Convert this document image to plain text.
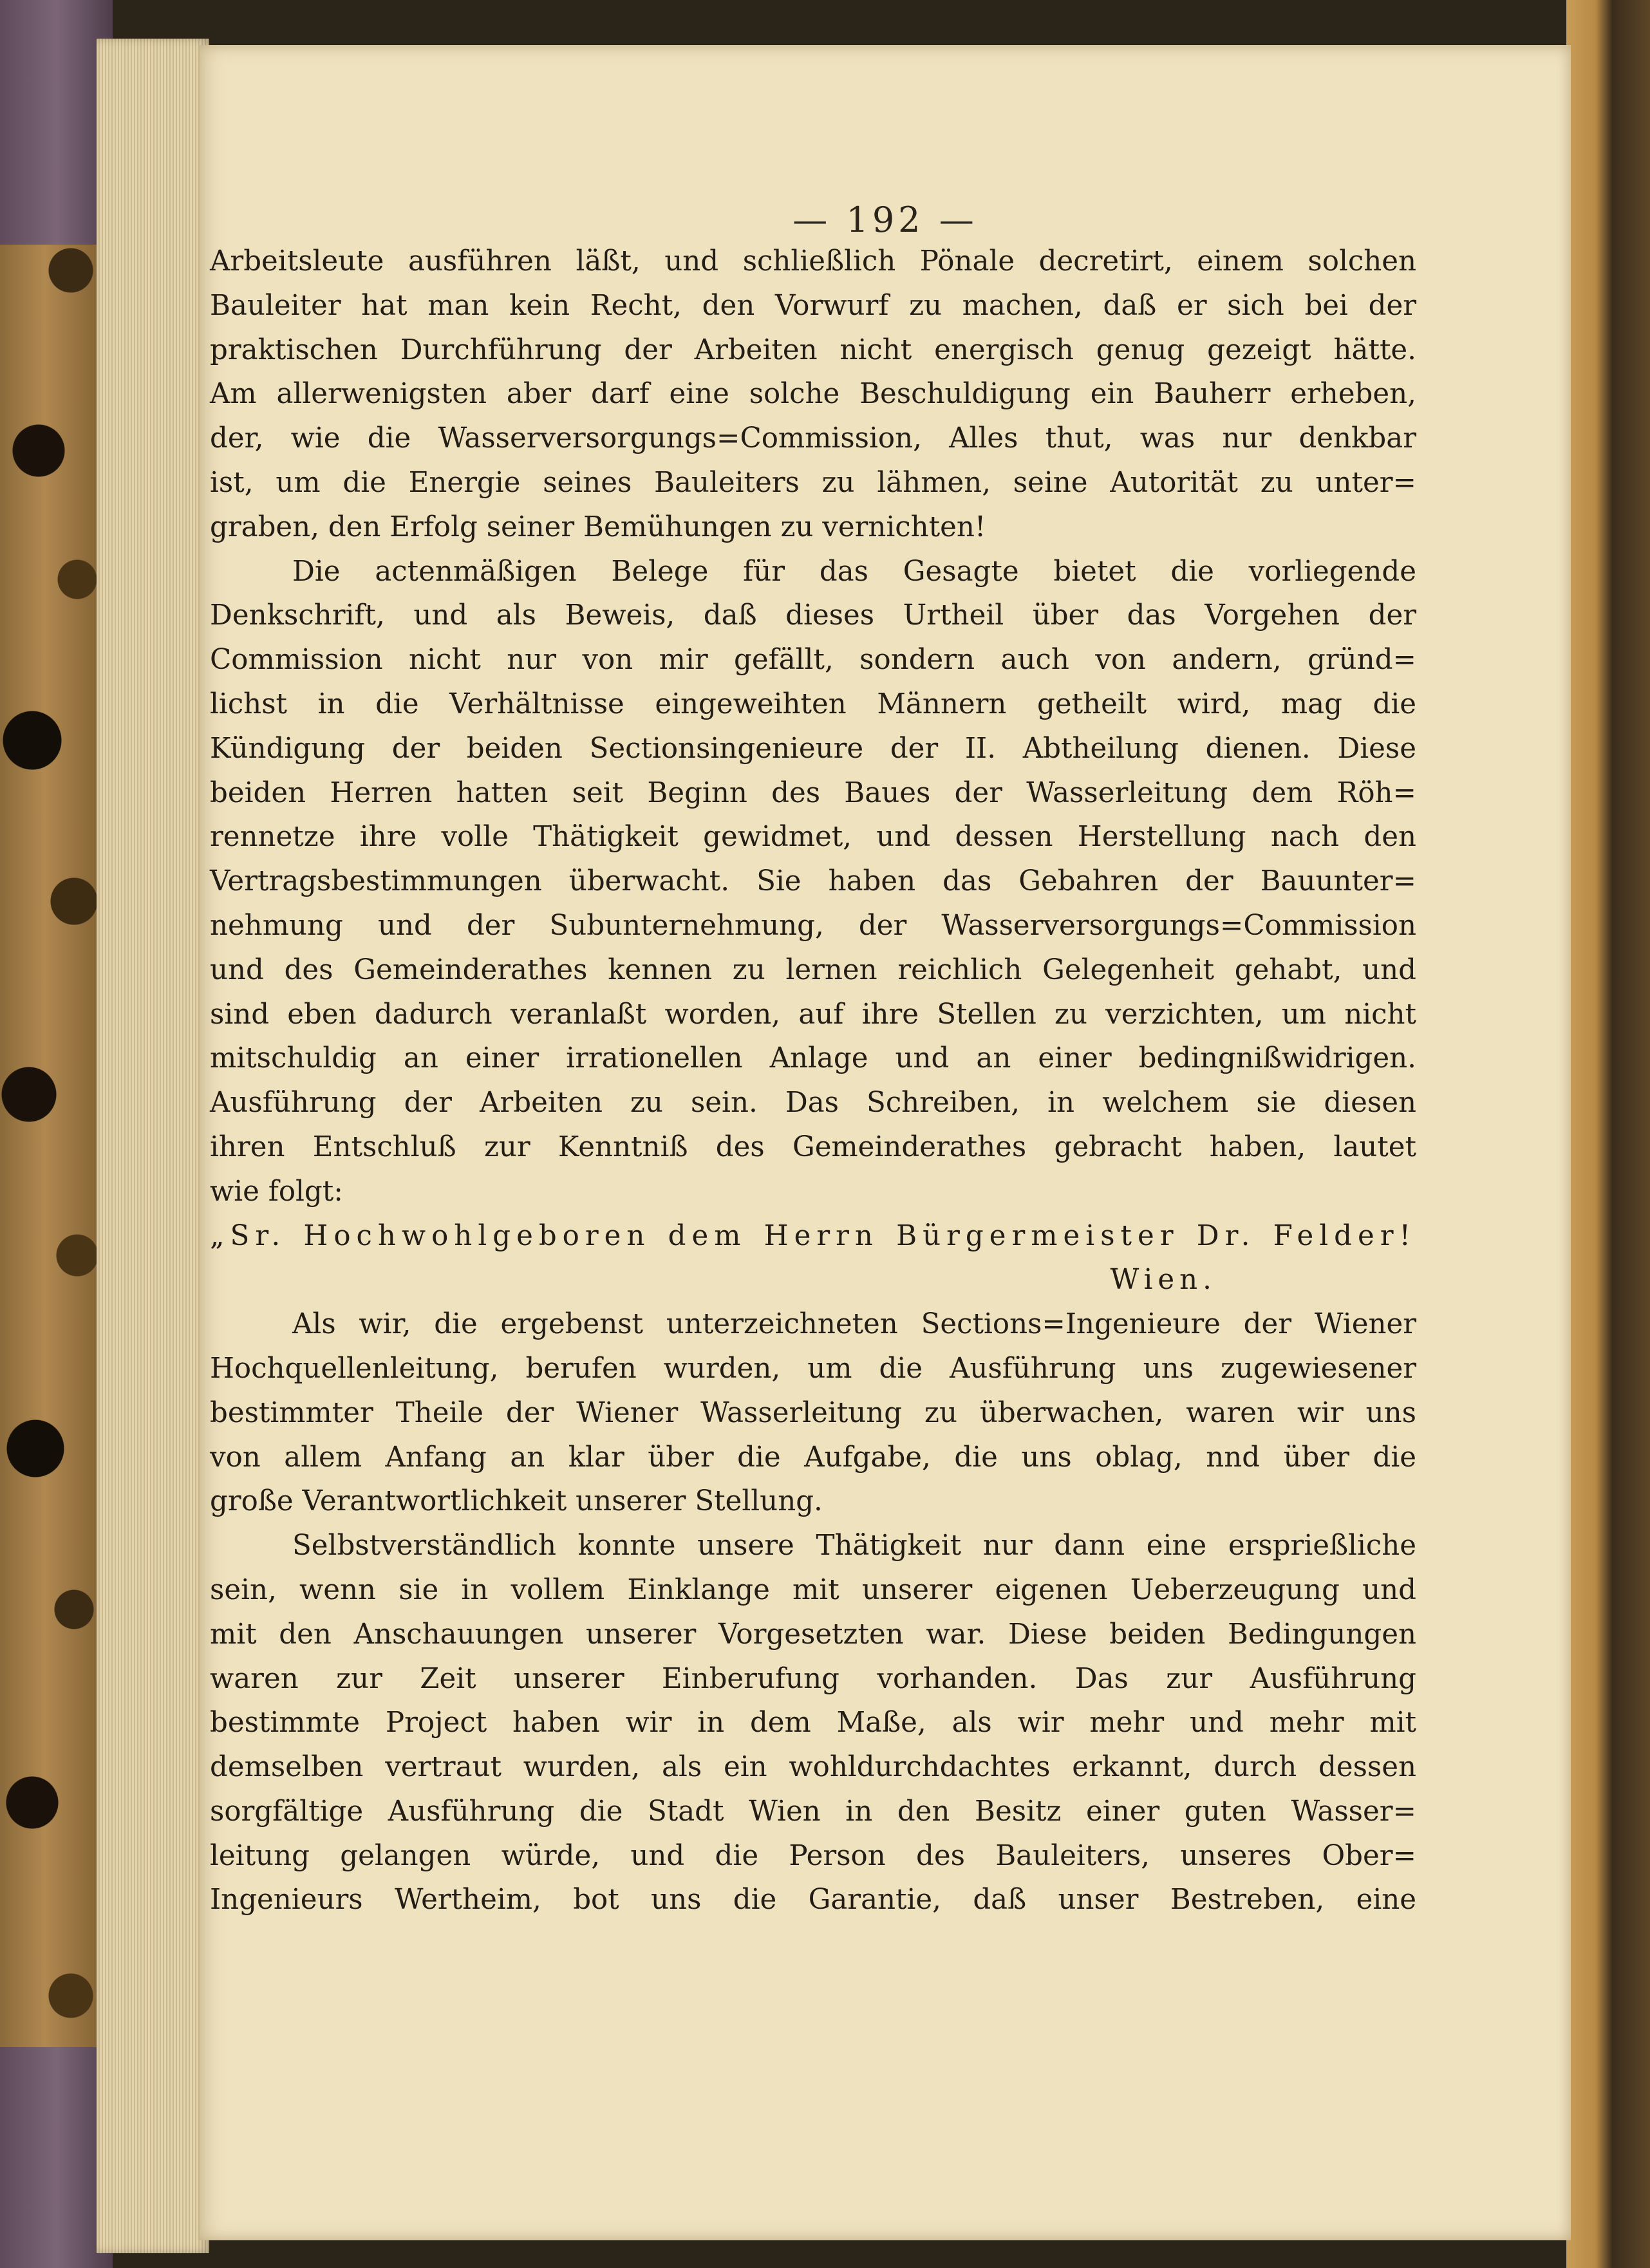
— 192 —
Arbeitsleute ausführen läßt, und schließlich Pönale decretirt, einem solchen
Bauleiter hat man kein Recht, den Vorwurf zu machen, daß er sich bei der
praktischen Durchführung der Arbeiten nicht energisch genug gezeigt hätte.
Am allerwenigsten aber darf eine solche Beschuldigung ein Bauherr erheben,
der, wie die Wasserversorgungs=Commission, Alles thut, was nur denkbar
ist, um die Energie seines Bauleiters zu lähmen, seine Autorität zu unter=
graben, den Erfolg seiner Bemühungen zu vernichten!
Die actenmäßigen Belege für das Gesagte bietet die vorliegende
Denkschrift, und als Beweis, daß dieses Urtheil über das Vorgehen der
Commission nicht nur von mir gefällt, sondern auch von andern, gründ=
lichst in die Verhältnisse eingeweihten Männern getheilt wird, mag die
Kündigung der beiden Sectionsingenieure der II. Abtheilung dienen. Diese
beiden Herren hatten seit Beginn des Baues der Wasserleitung dem Röh=
rennetze ihre volle Thätigkeit gewidmet, und dessen Herstellung nach den
Vertragsbestimmungen überwacht. Sie haben das Gebahren der Bauunter=
nehmung und der Subunternehmung, der Wasserversorgungs=Commission
und des Gemeinderathes kennen zu lernen reichlich Gelegenheit gehabt, und
sind eben dadurch veranlaßt worden, auf ihre Stellen zu verzichten, um nicht
mitschuldig an einer irrationellen Anlage und an einer bedingnißwidrigen.
Ausführung der Arbeiten zu sein. Das Schreiben, in welchem sie diesen
ihren Entschluß zur Kenntniß des Gemeinderathes gebracht haben, lautet
wie folgt:
„Sr. Hochwohlgeboren dem Herrn Bürgermeister Dr. Felder!
Wien.
Als wir, die ergebenst unterzeichneten Sections=Ingenieure der Wiener
Hochquellenleitung, berufen wurden, um die Ausführung uns zugewiesener
bestimmter Theile der Wiener Wasserleitung zu überwachen, waren wir uns
von allem Anfang an klar über die Aufgabe, die uns oblag, nnd über die
große Verantwortlichkeit unserer Stellung.
Selbstverständlich konnte unsere Thätigkeit nur dann eine ersprießliche
sein, wenn sie in vollem Einklange mit unserer eigenen Ueberzeugung und
mit den Anschauungen unserer Vorgesetzten war. Diese beiden Bedingungen
waren zur Zeit unserer Einberufung vorhanden. Das zur Ausführung
bestimmte Project haben wir in dem Maße, als wir mehr und mehr mit
demselben vertraut wurden, als ein wohldurchdachtes erkannt, durch dessen
sorgfältige Ausführung die Stadt Wien in den Besitz einer guten Wasser=
leitung gelangen würde, und die Person des Bauleiters, unseres Ober=
Ingenieurs Wertheim, bot uns die Garantie, daß unser Bestreben, eine
